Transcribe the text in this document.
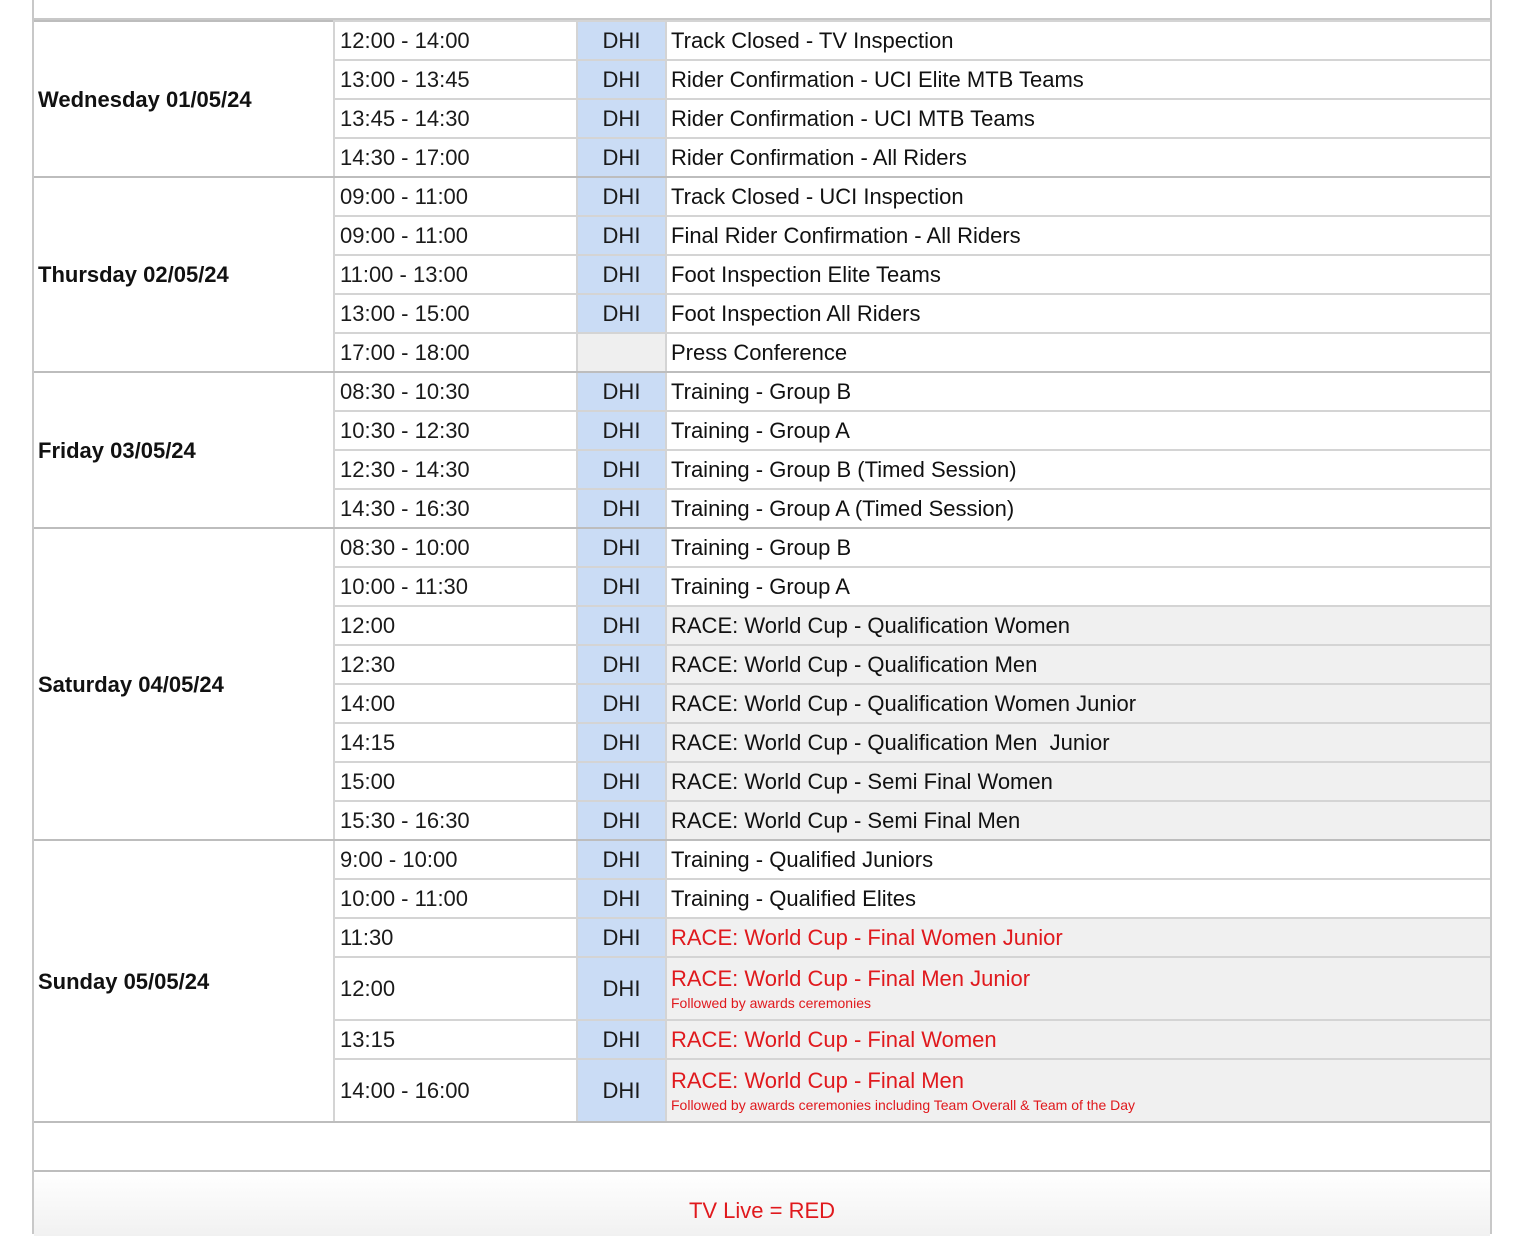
Wednesday 01/05/24	12:00 - 14:00	DHI	Track Closed - TV Inspection
	13:00 - 13:45	DHI	Rider Confirmation - UCI Elite MTB Teams
	13:45 - 14:30	DHI	Rider Confirmation - UCI MTB Teams
	14:30 - 17:00	DHI	Rider Confirmation - All Riders
Thursday 02/05/24	09:00 - 11:00	DHI	Track Closed - UCI Inspection
	09:00 - 11:00	DHI	Final Rider Confirmation - All Riders
	11:00 - 13:00	DHI	Foot Inspection Elite Teams
	13:00 - 15:00	DHI	Foot Inspection All Riders
	17:00 - 18:00		Press Conference
Friday 03/05/24	08:30 - 10:30	DHI	Training - Group B
	10:30 - 12:30	DHI	Training - Group A
	12:30 - 14:30	DHI	Training - Group B (Timed Session)
	14:30 - 16:30	DHI	Training - Group A (Timed Session)
Saturday 04/05/24	08:30 - 10:00	DHI	Training - Group B
	10:00 - 11:30	DHI	Training - Group A
	12:00	DHI	RACE: World Cup - Qualification Women
	12:30	DHI	RACE: World Cup - Qualification Men
	14:00	DHI	RACE: World Cup - Qualification Women Junior
	14:15	DHI	RACE: World Cup - Qualification Men  Junior
	15:00	DHI	RACE: World Cup - Semi Final Women
	15:30 - 16:30	DHI	RACE: World Cup - Semi Final Men
Sunday 05/05/24	9:00 - 10:00	DHI	Training - Qualified Juniors
	10:00 - 11:00	DHI	Training - Qualified Elites
	11:30	DHI	RACE: World Cup - Final Women Junior
	12:00	DHI	RACE: World Cup - Final Men Junior
Followed by awards ceremonies

	13:15	DHI	RACE: World Cup - Final Women
	14:00 - 16:00	DHI	RACE: World Cup - Final Men
Followed by awards ceremonies including Team Overall & Team of the Day
TV Live = RED
